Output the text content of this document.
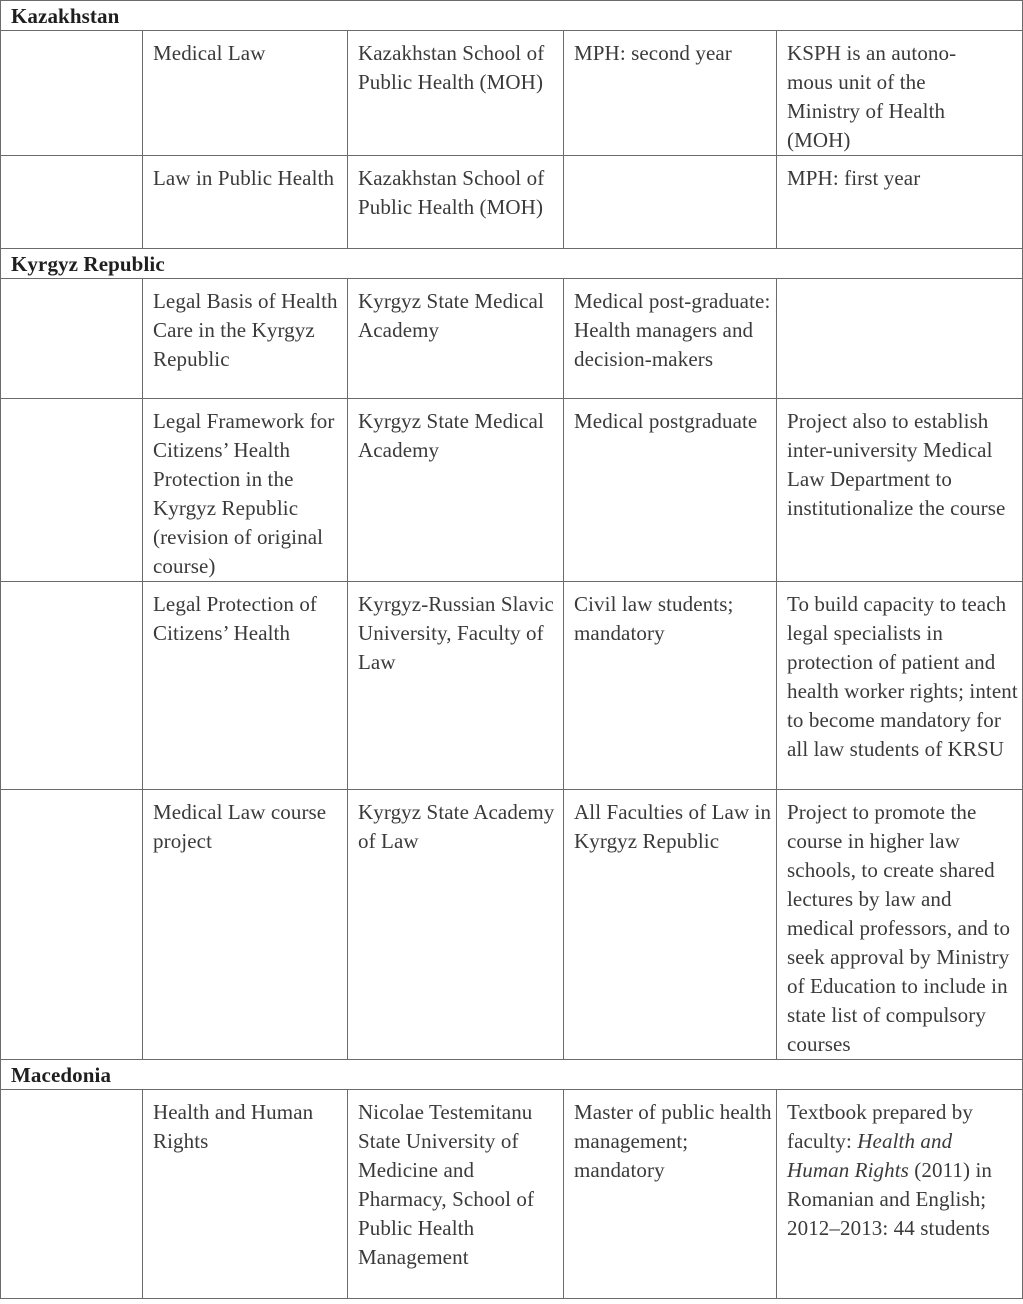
Kazakhstan				
	Medical Law	Kazakhstan School of Public Health (MOH)	MPH: second year	KSPH is an autono-mous unit of the Ministry of Health (MOH)
	Law in Public Health	Kazakhstan School of Public Health (MOH)		MPH: first year
Kyrgyz Republic				
	Legal Basis of Health Care in the Kyrgyz Republic	Kyrgyz State Medical Academy	Medical post-graduate: Health managers and decision-makers	
	Legal Framework for Citizens’ Health Protection in the Kyrgyz Republic (revision of original course)	Kyrgyz State Medical Academy	Medical postgraduate	Project also to establish inter-university Medical Law Department to institutionalize the course
	Legal Protection of Citizens’ Health	Kyrgyz-Russian Slavic University, Faculty of Law	Civil law students; mandatory	To build capacity to teach legal specialists in protection of patient and health worker rights; intent to become mandatory for all law students of KRSU
	Medical Law course project	Kyrgyz State Academy of Law	All Faculties of Law in Kyrgyz Republic	Project to promote the course in higher law schools, to create shared lectures by law and medical professors, and to seek approval by Ministry of Education to include in state list of compulsory courses
Macedonia				
	Health and Human Rights	Nicolae Testemitanu State University of Medicine and Pharmacy, School of Public Health Management	Master of public health management; mandatory	Textbook prepared by faculty: Health and Human Rights (2011) in Romanian and English; 2012–2013: 44 students
